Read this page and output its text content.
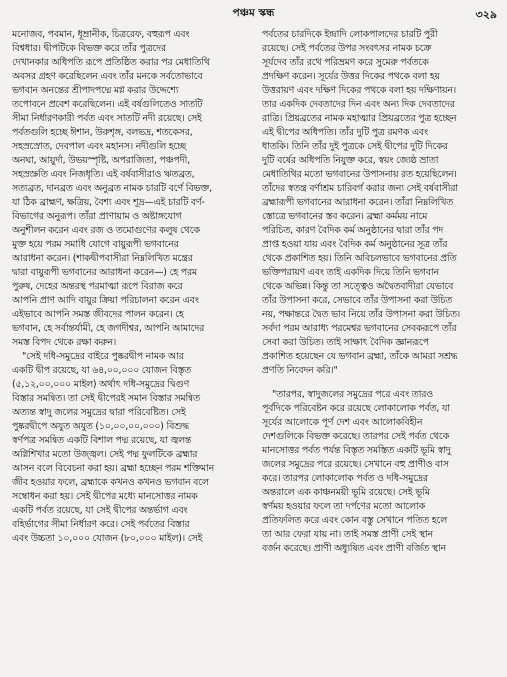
পঞ্চম স্কন্ধ	৩২৯
মনোজব, পবমান, ধূম্রানীক, চিত্ররেফ, বহুরূপ এবং
বিশ্বধার। দ্বীপটিকে বিভক্ত করে তাঁর পুত্রদের
দেখানকার অধিপতি রূপে প্রতিষ্ঠিত করার পর মেধাতিথি
অবসর গ্রহণ করেছিলেন এবং তাঁর মনকে সর্বতোভাবে
ভগবান অনন্তের শ্রীপাদপদ্মে মগ্ন করার উদ্দেশ্যে
তপোবনে প্রবেশ করেছিলেন। এই বর্ষগুলিতেও সাতটি
সীমা নির্ধারণকারী পর্বত এবং সাতটি নদী রয়েছে। সেই
পর্বতগুলি হচ্ছে ঈশান, উরুশৃঙ্গ, বলভদ্র, শতকেসর,
সহস্রস্রোত, দেবপাল এবং মহানস। নদীগুলি হচ্ছে
অনঘা, আয়ুর্দা, উভয়স্পৃষ্টি, অপরাজিতা, পঞ্চপদী,
সহস্রস্রুতি এবং নিজধৃতি। এই বর্ষবাসীরাও ঋতব্রত,
সত্যব্রত, দানব্রত এবং অনুব্রত নামক চারটি বর্ণে বিভক্ত,
যা ঠিক ব্রাহ্মণ, ক্ষত্রিয়, বৈশ্য এবং শূদ্র—এই চারটি বর্ণ-
বিভাগের অনুরূপ। তাঁরা প্রাণায়াম ও অষ্টাঙ্গযোগ
অনুশীলন করেন এবং রজ ও তমোগুণের কলুষ থেকে
মুক্ত হয়ে পরম সমাধি যোগে বায়ুরূপী ভগবানের
আরাধনা করেন। (শাকদ্বীপবাসীরা নিম্নলিখিত মন্ত্রের
দ্বারা বায়ুরূপী ভগবানের আরাধনা করেন—) হে পরম
পুরুষ, দেহের অন্তরস্থ পরমাত্মা রূপে বিরাজ করে
আপনি প্রাণ আদি বায়ুর ক্রিয়া পরিচালনা করেন এবং
এইভাবে আপনি সমস্ত জীবদের পালন করেন। হে
ভগবান, হে সর্বান্তর্যামী, হে জগদীশ্বর, আপনি আমাদের
সমস্ত বিপদ থেকে রক্ষা করুন।
"সেই দধি-সমুদ্রের বাইরে পুষ্করদ্বীপ নামক আর
একটি দ্বীপ রয়েছে, যা ৬৪,০০,০০০ যোজন বিস্তৃত
(৫,১২,০০,০০০ মাইল) অর্থাৎ দধি-সমুদ্রের দ্বিগুণ
বিস্তার সমন্বিত। তা সেই দ্বীপেরই সমান বিস্তার সমন্বিত
অত্যন্ত স্বাদু জলের সমুদ্রের দ্বারা পরিবেষ্টিত। সেই
পুষ্করদ্বীপে অযুত অযুত (১০,০০,০০,০০০) বিশুদ্ধ
স্বর্ণপত্র সমন্বিত একটি বিশাল পদ্ম রয়েছে, যা জ্বলন্ত
অগ্নিশিখার মতো উজ্জ্বল। সেই পদ্ম ফুলটিকে ব্রহ্মার
আসন বলে বিবেচনা করা হয়। ব্রহ্মা হচ্ছেন পরম শক্তিমান
জীব হওয়ার ফলে, ব্রহ্মাকে কখনও কখনও ভগবান বলে
সম্বোধন করা হয়। সেই দ্বীপের মধ্যে মানসোত্তর নামক
একটি পর্বত রয়েছে, যা সেই দ্বীপের অন্তর্ভাগ এবং
বহির্ভাগের সীমা নির্ধারণ করে। সেই পর্বতের বিস্তার
এবং উচ্চতা ১০,০০০ যোজন (৮০,০০০ মাইল)। সেই
পর্বতের চারদিকে ইন্দ্রাদি লোকপালদের চারটি পুরী
রয়েছে। সেই পর্বতের উপর সংবৎসর নামক চক্রে
সূর্যদেব তাঁর রথে পরিভ্রমণ করে সুমেরু পর্বতকে
প্রদক্ষিণ করেন। সূর্যের উত্তর দিকের পথকে বলা হয়
উত্তরায়ণ এবং দক্ষিণ দিকের পথকে বলা হয় দক্ষিণায়ন।
তার একদিক দেবতাদের দিন এবং অন্য দিক দেবতাদের
রাত্রি। প্রিয়ব্রতের নামক মহাত্মার প্রিয়ব্রতের পুত্র হচ্ছেন
এই দ্বীপের অধিপতি। তাঁর দুটি পুত্র রমণক এবং
ধাতকি। তিনি তাঁর দুই পুত্রকে সেই দ্বীপের দুটি দিকের
দুটি বর্ষের অধিপতি নিযুক্ত করে, স্বয়ং জ্যেষ্ঠ ভ্রাতা
মেধাতিথির মতো ভগবানের উপাসনায় রত হয়েছিলেন।
তাঁদের স্বতন্ত্র বর্ণাশ্রম চারিবর্গ করার জন্য সেই বর্ষবাসীরা
ব্রহ্মারূপী ভগবানের আরাধনা করেন। তাঁরা নিম্নলিখিত
স্তোত্রে ভগবানের স্তব করেন। ব্রহ্মা কর্মময় নামে
পরিচিত, কারণ বৈদিক কর্ম অনুষ্ঠানের দ্বারা তাঁর পদ
প্রাপ্ত হওয়া যায় এবং বৈদিক কর্ম অনুষ্ঠানের সূত্র তাঁর
থেকে প্রকাশিত হয়। তিনি অবিচলভাবে ভগবানের প্রতি
ভক্তিপরায়ণ এবং তাই একদিক দিয়ে তিনি ভগবান
থেকে অভিন্ন। কিন্তু তা সত্ত্বেও অদ্বৈতবাদীরা যেভাবে
তাঁর উপাসনা করে, সেভাবে তাঁর উপাসনা করা উচিত
নয়, পক্ষান্তরে দ্বৈত ভাব নিয়ে তাঁর উপাসনা করা উচিত।
সর্বদা পরম আরাধ্য পরমেশ্বর ভগবানের সেবকরূপে তাঁর
সেবা করা উচিত। তাই সাক্ষাৎ বৈদিক জ্ঞানরূপে
প্রকাশিত হয়েছেন যে ভগবান ব্রহ্মা, তাঁকে আমরা সশ্রদ্ধ
প্রণতি নিবেদন করি।"
"তারপর, স্বাদুজলের সমুদ্রের পরে এবং তারও
পূর্বদিকে পরিবেষ্টন করে রয়েছে লোকালোক পর্বত, যা
সূর্যের আলোকে পূর্ণ দেশ এবং আলোকবিহীন
দেশগুলিকে বিভক্ত করেছে। তারপর সেই পর্বত থেকে
মানসোত্তর পর্বত পর্যন্ত বিস্তৃত সমস্তিত একটি ভূমি স্বাদু
জলের সমুদ্রের পরে রয়েছে। সেখানে বহু প্রাণীও বাস
করে। তারপর লোকালোক পর্বত ও দধি-সমুদ্রের
অন্তরালে এক কাঞ্চনময়ী ভূমি রয়েছে। সেই ভূমি
স্বর্ণময় হওয়ার ফলে তা দর্পণের মতো আলোক
প্রতিফলিত করে এবং কোন বস্তু সেখানে পতিত হলে
তা আর ফেরা যায় না। তাই সমস্ত প্রাণী সেই স্থান
বর্জন করেছে। প্রাণী অধ্যুষিত এবং প্রাণী বর্জিত স্থান
